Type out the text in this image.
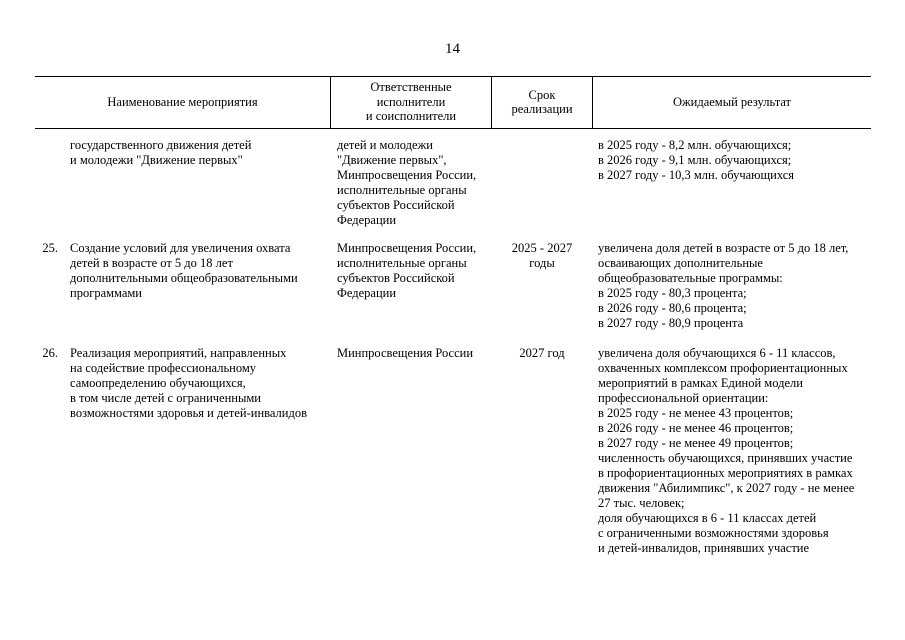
14
Наименование мероприятия
Ответственные
исполнители
и соисполнители
Срок
реализации
Ожидаемый результат
государственного движения детей
и молодежи "Движение первых"
детей и молодежи
"Движение первых",
Минпросвещения России,
исполнительные органы
субъектов Российской
Федерации
в 2025 году - 8,2 млн. обучающихся;
в 2026 году - 9,1 млн. обучающихся;
в 2027 году - 10,3 млн. обучающихся
25. Создание условий для увеличения охвата
детей в возрасте от 5 до 18 лет
дополнительными общеобразовательными
программами
Минпросвещения России,
исполнительные органы
субъектов Российской
Федерации
2025 - 2027
годы
увеличена доля детей в возрасте от 5 до 18 лет,
осваивающих дополнительные
общеобразовательные программы:
в 2025 году - 80,3 процента;
в 2026 году - 80,6 процента;
в 2027 году - 80,9 процента
26. Реализация мероприятий, направленных
на содействие профессиональному
самоопределению обучающихся,
в том числе детей с ограниченными
возможностями здоровья и детей-инвалидов
Минпросвещения России	2027 год	увеличена доля обучающихся 6 - 11 классов,
охваченных комплексом профориентационных
мероприятий в рамках Единой модели
профессиональной ориентации:
в 2025 году - не менее 43 процентов;
в 2026 году - не менее 46 процентов;
в 2027 году - не менее 49 процентов;
численность обучающихся, принявших участие
в профориентационных мероприятиях в рамках
движения "Абилимпикс", к 2027 году - не менее
27 тыс. человек;
доля обучающихся в 6 - 11 классах детей
с ограниченными возможностями здоровья
и детей-инвалидов, принявших участие
